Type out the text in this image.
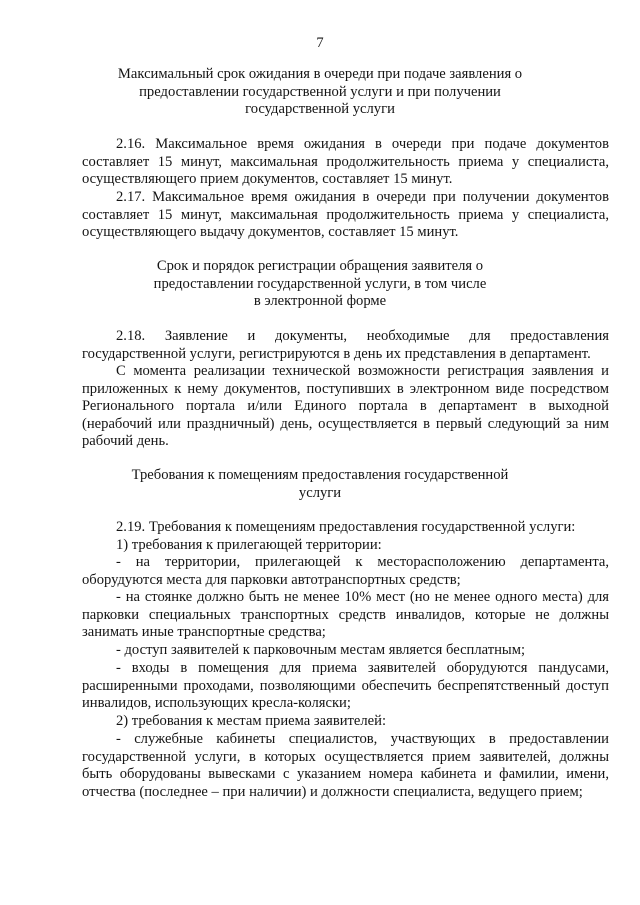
7
Максимальный срок ожидания в очереди при подаче заявления о
предоставлении государственной услуги и при получении
государственной услуги
2.16. Максимальное время ожидания в очереди при подаче документов
составляет 15 минут, максимальная продолжительность приема у специалиста,
осуществляющего прием документов, составляет 15 минут.
2.17. Максимальное время ожидания в очереди при получении документов
составляет 15 минут, максимальная продолжительность приема у специалиста,
осуществляющего выдачу документов, составляет 15 минут.
Срок и порядок регистрации обращения заявителя о
предоставлении государственной услуги, в том числе
в электронной форме
2.18. Заявление и документы, необходимые для предоставления
государственной услуги, регистрируются в день их представления в департамент.
С момента реализации технической возможности регистрация заявления и
приложенных к нему документов, поступивших в электронном виде посредством
Регионального портала и/или Единого портала в департамент в выходной
(нерабочий или праздничный) день, осуществляется в первый следующий за ним
рабочий день.
Требования к помещениям предоставления государственной
услуги
2.19. Требования к помещениям предоставления государственной услуги:
1) требования к прилегающей территории:
- на территории, прилегающей к месторасположению департамента,
оборудуются места для парковки автотранспортных средств;
- на стоянке должно быть не менее 10% мест (но не менее одного места) для
парковки специальных транспортных средств инвалидов, которые не должны
занимать иные транспортные средства;
- доступ заявителей к парковочным местам является бесплатным;
- входы в помещения для приема заявителей оборудуются пандусами,
расширенными проходами, позволяющими обеспечить беспрепятственный доступ
инвалидов, использующих кресла-коляски;
2) требования к местам приема заявителей:
- служебные кабинеты специалистов, участвующих в предоставлении
государственной услуги, в которых осуществляется прием заявителей, должны
быть оборудованы вывесками с указанием номера кабинета и фамилии, имени,
отчества (последнее – при наличии) и должности специалиста, ведущего прием;
